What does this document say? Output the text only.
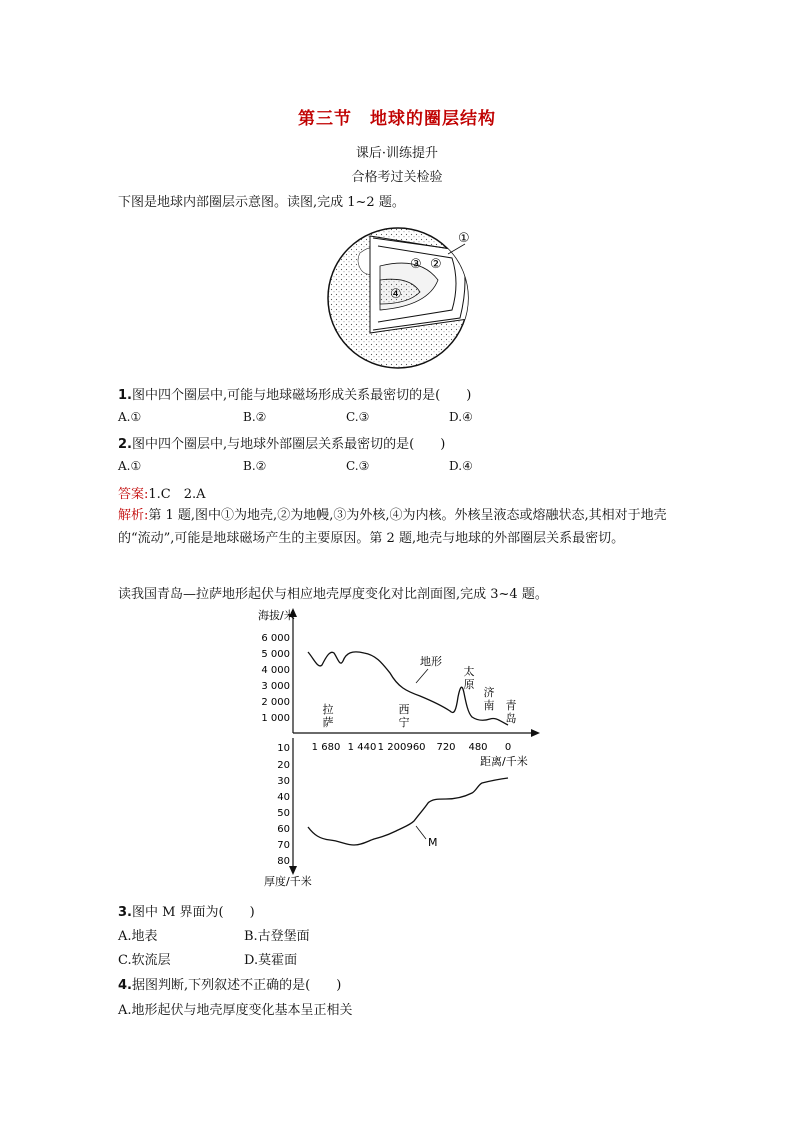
第三节　地球的圈层结构
课后·训练提升
合格考过关检验
下图是地球内部圈层示意图。读图,完成 1~2 题。
①
②
③
④
1.图中四个圈层中,可能与地球磁场形成关系最密切的是(　　)
A.①	B.②	C.③	D.④
2.图中四个圈层中,与地球外部圈层关系最密切的是(　　)
A.①	B.②	C.③	D.④
答案:1.C　2.A
解析:第 1 题,图中①为地壳,②为地幔,③为外核,④为内核。外核呈液态或熔融状态,其相对于地壳的“流动”,可能是地球磁场产生的主要原因。第 2 题,地壳与地球的外部圈层关系最密切。
读我国青岛—拉萨地形起伏与相应地壳厚度变化对比剖面图,完成 3~4 题。
海拔/米
6 000
5 000
4 000
3 000
2 000
1 000
1 680 1 440 1 200 960 720 480 0
距离/千米
10
20
30
40
50
60
70
80
厚度/千米
地形
拉萨
西宁
太原
济南 青岛
M
3.图中 M 界面为(　　)
A.地表	B.古登堡面
C.软流层	D.莫霍面
4.据图判断,下列叙述不正确的是(　　)
A.地形起伏与地壳厚度变化基本呈正相关
